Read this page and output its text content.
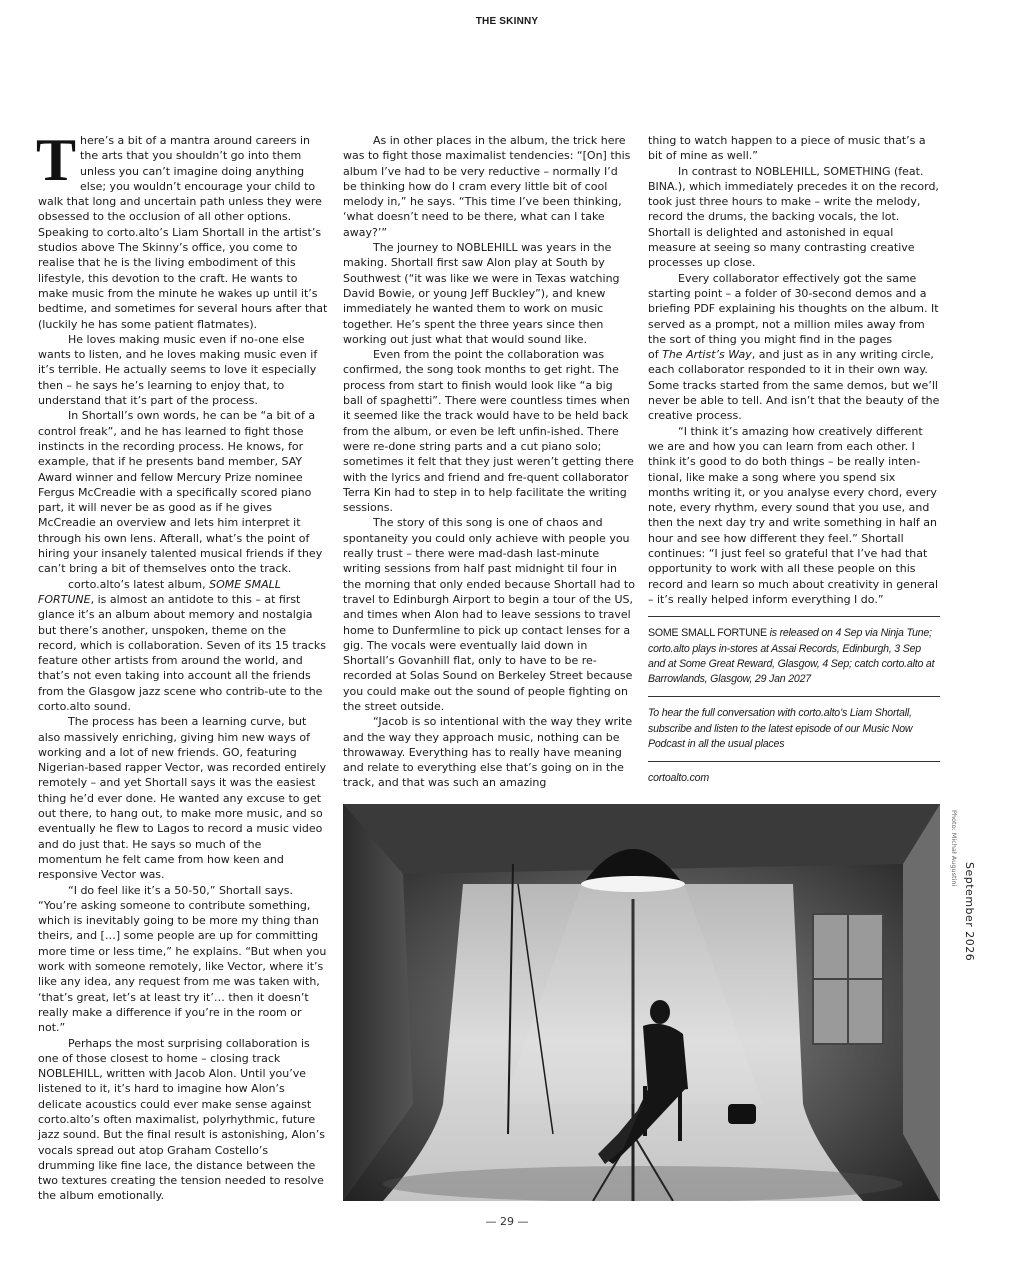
THE SKINNY

There’s a bit of a mantra around careers in the arts that you shouldn’t go into them unless you can’t imagine doing anything else; you wouldn’t encourage your child to walk that long and uncertain path unless they were obsessed to the occlusion of all other options. Speaking to corto.alto’s Liam Shortall in the artist’s studios above The Skinny’s office, you come to realise that he is the living embodiment of this lifestyle, this devotion to the craft. He wants to make music from the minute he wakes up until it’s bedtime, and sometimes for several hours after that (luckily he has some patient flatmates).

He loves making music even if no-one else wants to listen, and he loves making music even if it’s terrible. He actually seems to love it especially then – he says he’s learning to enjoy that, to understand that it’s part of the process.

In Shortall’s own words, he can be “a bit of a control freak”, and he has learned to fight those instincts in the recording process. He knows, for example, that if he presents band member, SAY Award winner and fellow Mercury Prize nominee Fergus McCreadie with a specifically scored piano part, it will never be as good as if he gives McCreadie an overview and lets him interpret it through his own lens. Afterall, what’s the point of hiring your insanely talented musical friends if they can’t bring a bit of themselves onto the track.

corto.alto’s latest album, SOME SMALL FORTUNE, is almost an antidote to this – at first glance it’s an album about memory and nostalgia but there’s another, unspoken, theme on the record, which is collaboration. Seven of its 15 tracks feature other artists from around the world, and that’s not even taking into account all the friends from the Glasgow jazz scene who contrib-ute to the corto.alto sound.

The process has been a learning curve, but also massively enriching, giving him new ways of working and a lot of new friends. GO, featuring Nigerian-based rapper Vector, was recorded entirely remotely – and yet Shortall says it was the easiest thing he’d ever done. He wanted any excuse to get out there, to hang out, to make more music, and so eventually he flew to Lagos to record a music video and do just that. He says so much of the momentum he felt came from how keen and responsive Vector was.

“I do feel like it’s a 50-50,” Shortall says. “You’re asking someone to contribute something, which is inevitably going to be more my thing than theirs, and […] some people are up for committing more time or less time,” he explains. “But when you work with someone remotely, like Vector, where it’s like any idea, any request from me was taken with, ‘that’s great, let’s at least try it’… then it doesn’t really make a difference if you’re in the room or not.”

Perhaps the most surprising collaboration is one of those closest to home – closing track NOBLEHILL, written with Jacob Alon. Until you’ve listened to it, it’s hard to imagine how Alon’s delicate acoustics could ever make sense against corto.alto’s often maximalist, polyrhythmic, future jazz sound. But the final result is astonishing, Alon’s vocals spread out atop Graham Costello’s drumming like fine lace, the distance between the two textures creating the tension needed to resolve the album emotionally.

As in other places in the album, the trick here was to fight those maximalist tendencies: “[On] this album I’ve had to be very reductive – normally I’d be thinking how do I cram every little bit of cool melody in,” he says. “This time I’ve been thinking, ‘what doesn’t need to be there, what can I take away?’”

The journey to NOBLEHILL was years in the making. Shortall first saw Alon play at South by Southwest (“it was like we were in Texas watching David Bowie, or young Jeff Buckley”), and knew immediately he wanted them to work on music together. He’s spent the three years since then working out just what that would sound like.

Even from the point the collaboration was confirmed, the song took months to get right. The process from start to finish would look like “a big ball of spaghetti”. There were countless times when it seemed like the track would have to be held back from the album, or even be left unfin-ished. There were re-done string parts and a cut piano solo; sometimes it felt that they just weren’t getting there with the lyrics and friend and fre-quent collaborator Terra Kin had to step in to help facilitate the writing sessions.

The story of this song is one of chaos and spontaneity you could only achieve with people you really trust – there were mad-dash last-minute writing sessions from half past midnight til four in the morning that only ended because Shortall had to travel to Edinburgh Airport to begin a tour of the US, and times when Alon had to leave sessions to travel home to Dunfermline to pick up contact lenses for a gig. The vocals were eventually laid down in Shortall’s Govanhill flat, only to have to be re-recorded at Solas Sound on Berkeley Street because you could make out the sound of people fighting on the street outside.

“Jacob is so intentional with the way they write and the way they approach music, nothing can be throwaway. Everything has to really have meaning and relate to everything else that’s going on in the track, and that was such an amazing

thing to watch happen to a piece of music that’s a bit of mine as well.”

In contrast to NOBLEHILL, SOMETHING (feat. BINA.), which immediately precedes it on the record, took just three hours to make – write the melody, record the drums, the backing vocals, the lot. Shortall is delighted and astonished in equal measure at seeing so many contrasting creative processes up close.

Every collaborator effectively got the same starting point – a folder of 30-second demos and a briefing PDF explaining his thoughts on the album. It served as a prompt, not a million miles away from the sort of thing you might find in the pages

of The Artist’s Way, and just as in any writing circle, each collaborator responded to it in their own way. Some tracks started from the same demos, but we’ll never be able to tell. And isn’t that the beauty of the creative process.

“I think it’s amazing how creatively different we are and how you can learn from each other. I think it’s good to do both things – be really inten-tional, like make a song where you spend six months writing it, or you analyse every chord, every note, every rhythm, every sound that you use, and then the next day try and write something in half an hour and see how different they feel.” Shortall continues: “I just feel so grateful that I’ve had that opportunity to work with all these people on this record and learn so much about creativity in general – it’s really helped inform everything I do.”

SOME SMALL FORTUNE is released on 4 Sep via Ninja Tune; corto.alto plays in-stores at Assai Records, Edinburgh, 3 Sep and at Some Great Reward, Glasgow, 4 Sep; catch corto.alto at Barrowlands, Glasgow, 29 Jan 2027
To hear the full conversation with corto.alto’s Liam Shortall, subscribe and listen to the latest episode of our Music Now Podcast in all the usual places
cortoalto.com
Photo: Michał Augustini
September 2026
— 29 —
